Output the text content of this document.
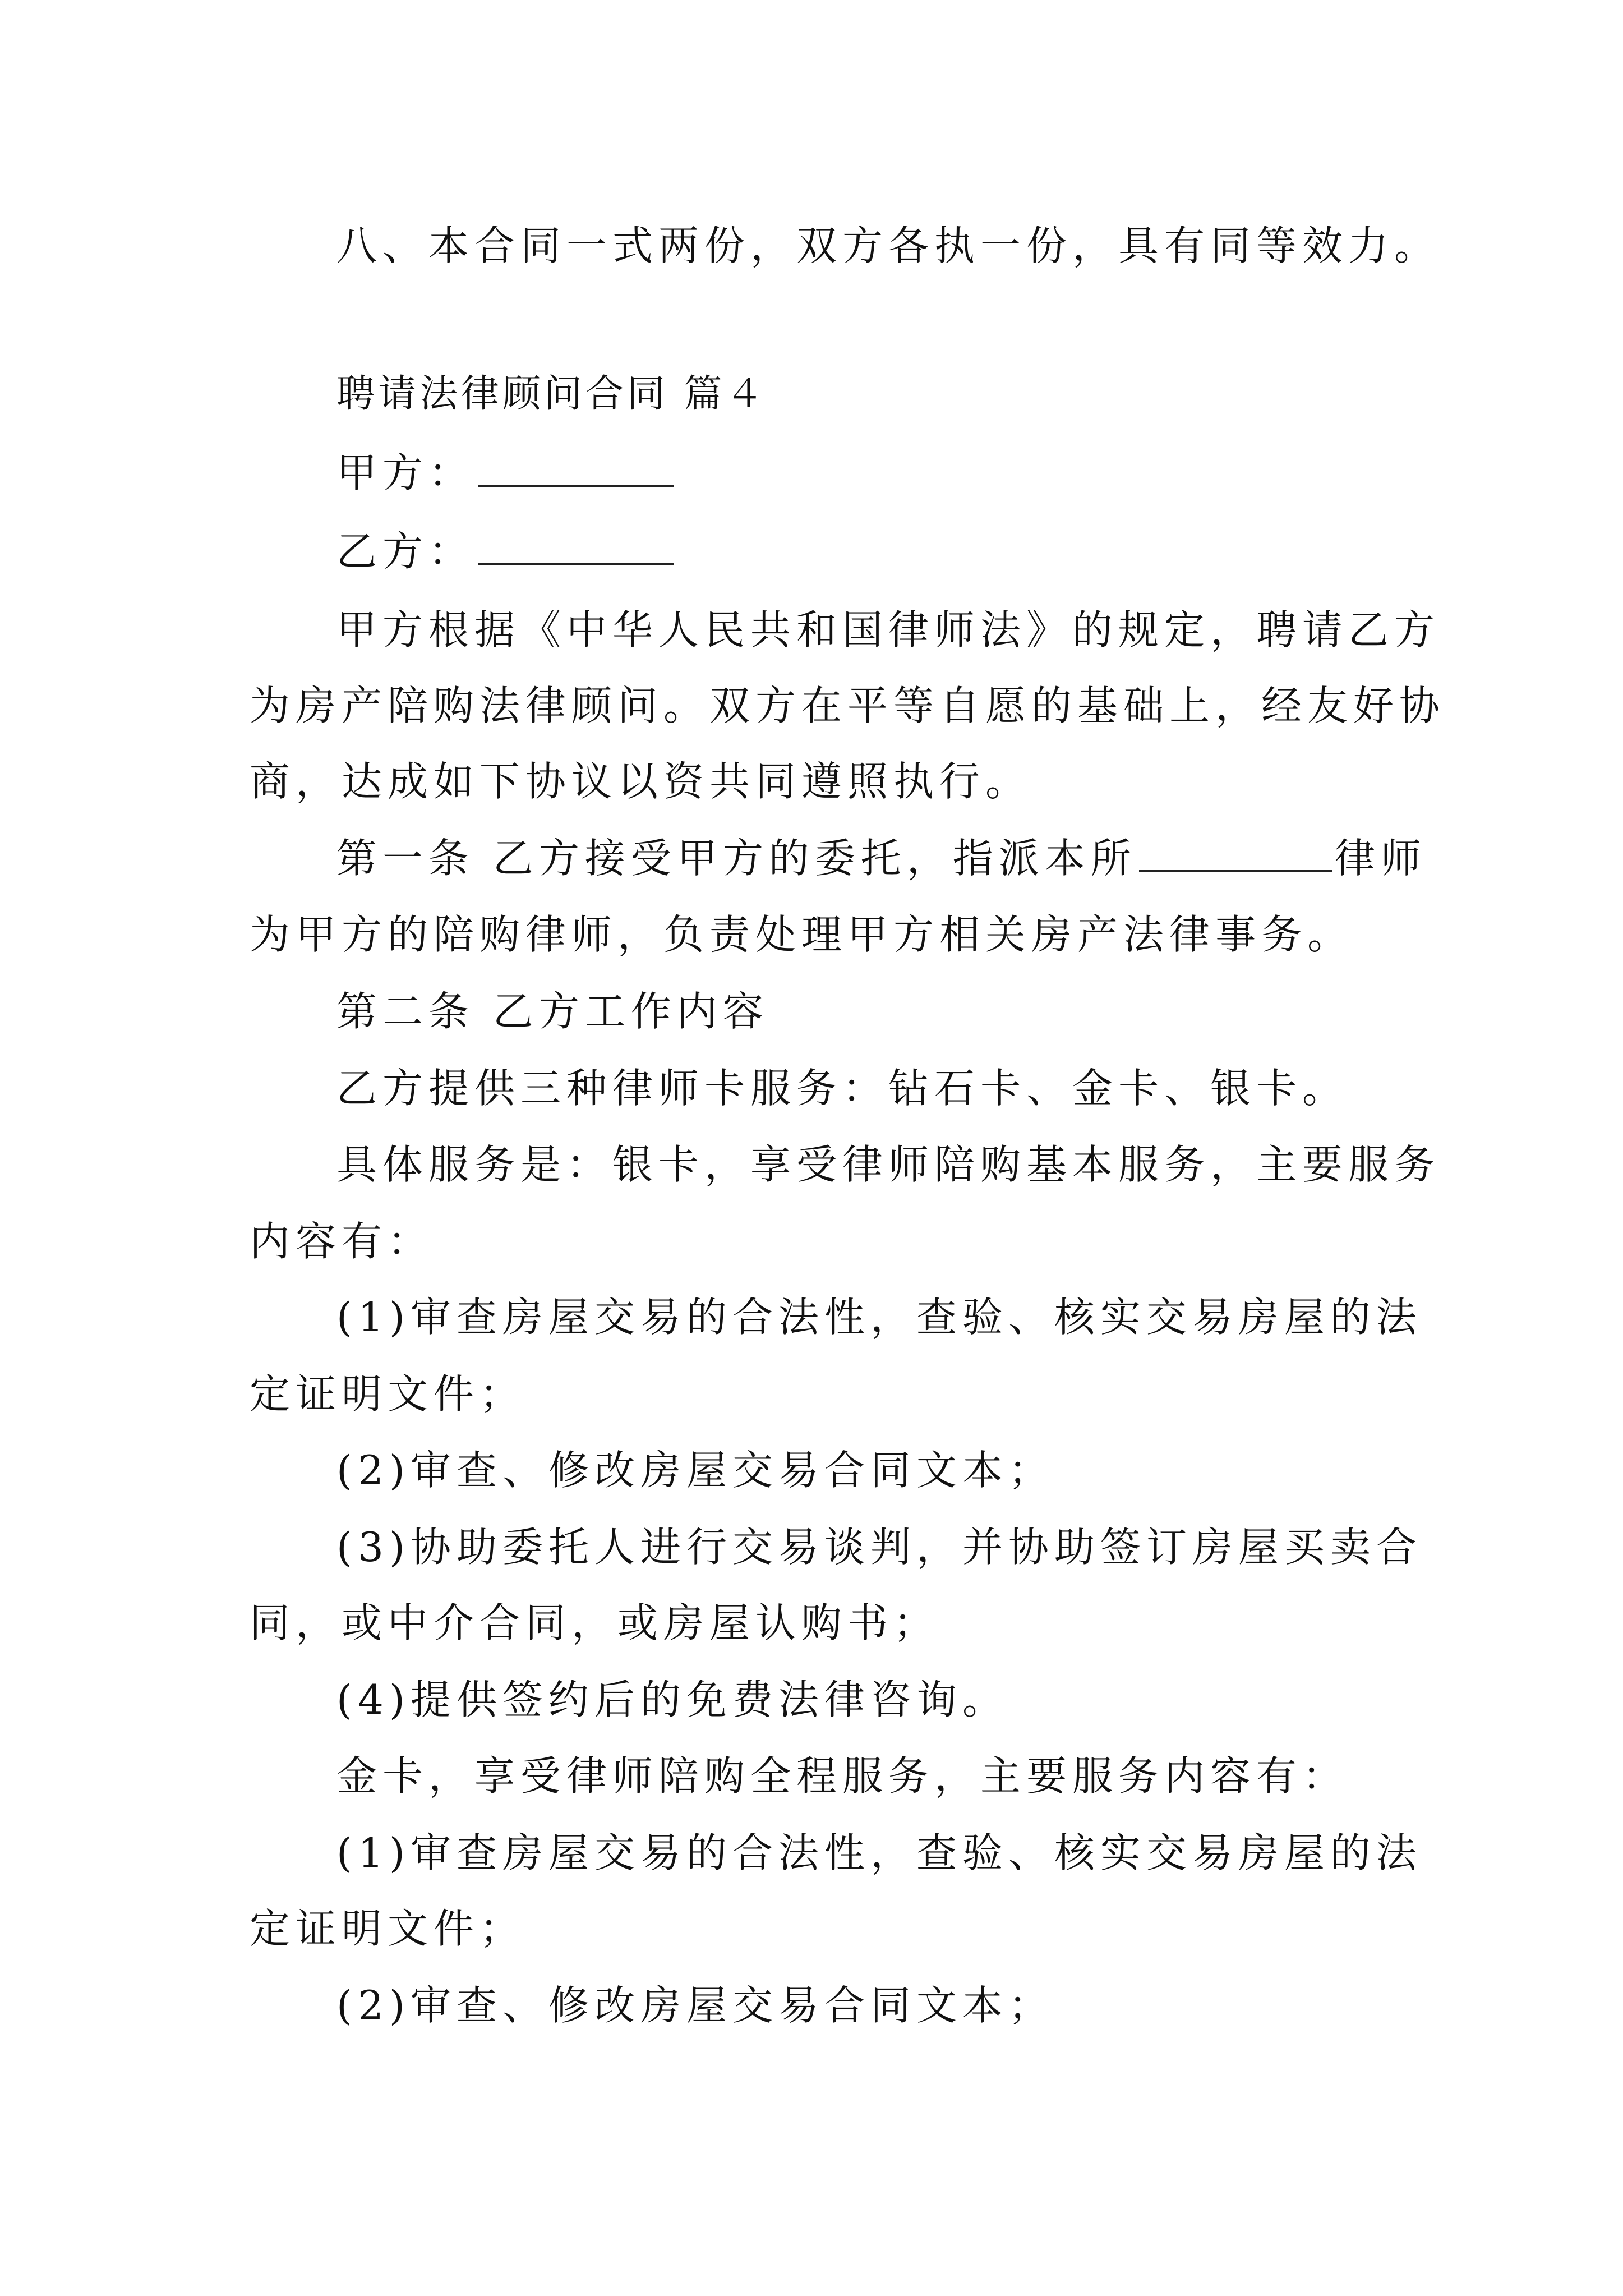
八、本合同一式两份，双方各执一份，具有同等效力。

聘请法律顾问合同 篇４

甲方：

乙方：

甲方根据《中华人民共和国律师法》的规定，聘请乙方

为房产陪购法律顾问。双方在平等自愿的基础上，经友好协

商，达成如下协议以资共同遵照执行。

第一条 乙方接受甲方的委托，指派本所	律师

为甲方的陪购律师，负责处理甲方相关房产法律事务。

第二条 乙方工作内容

乙方提供三种律师卡服务：钻石卡、金卡、银卡。

具体服务是：银卡，享受律师陪购基本服务，主要服务

内容有：

(1)审查房屋交易的合法性，查验、核实交易房屋的法

定证明文件；

(2)审查、修改房屋交易合同文本；

(3)协助委托人进行交易谈判，并协助签订房屋买卖合

同，或中介合同，或房屋认购书；

(4)提供签约后的免费法律咨询。

金卡，享受律师陪购全程服务，主要服务内容有：

(1)审查房屋交易的合法性，查验、核实交易房屋的法

定证明文件；

(2)审查、修改房屋交易合同文本；
